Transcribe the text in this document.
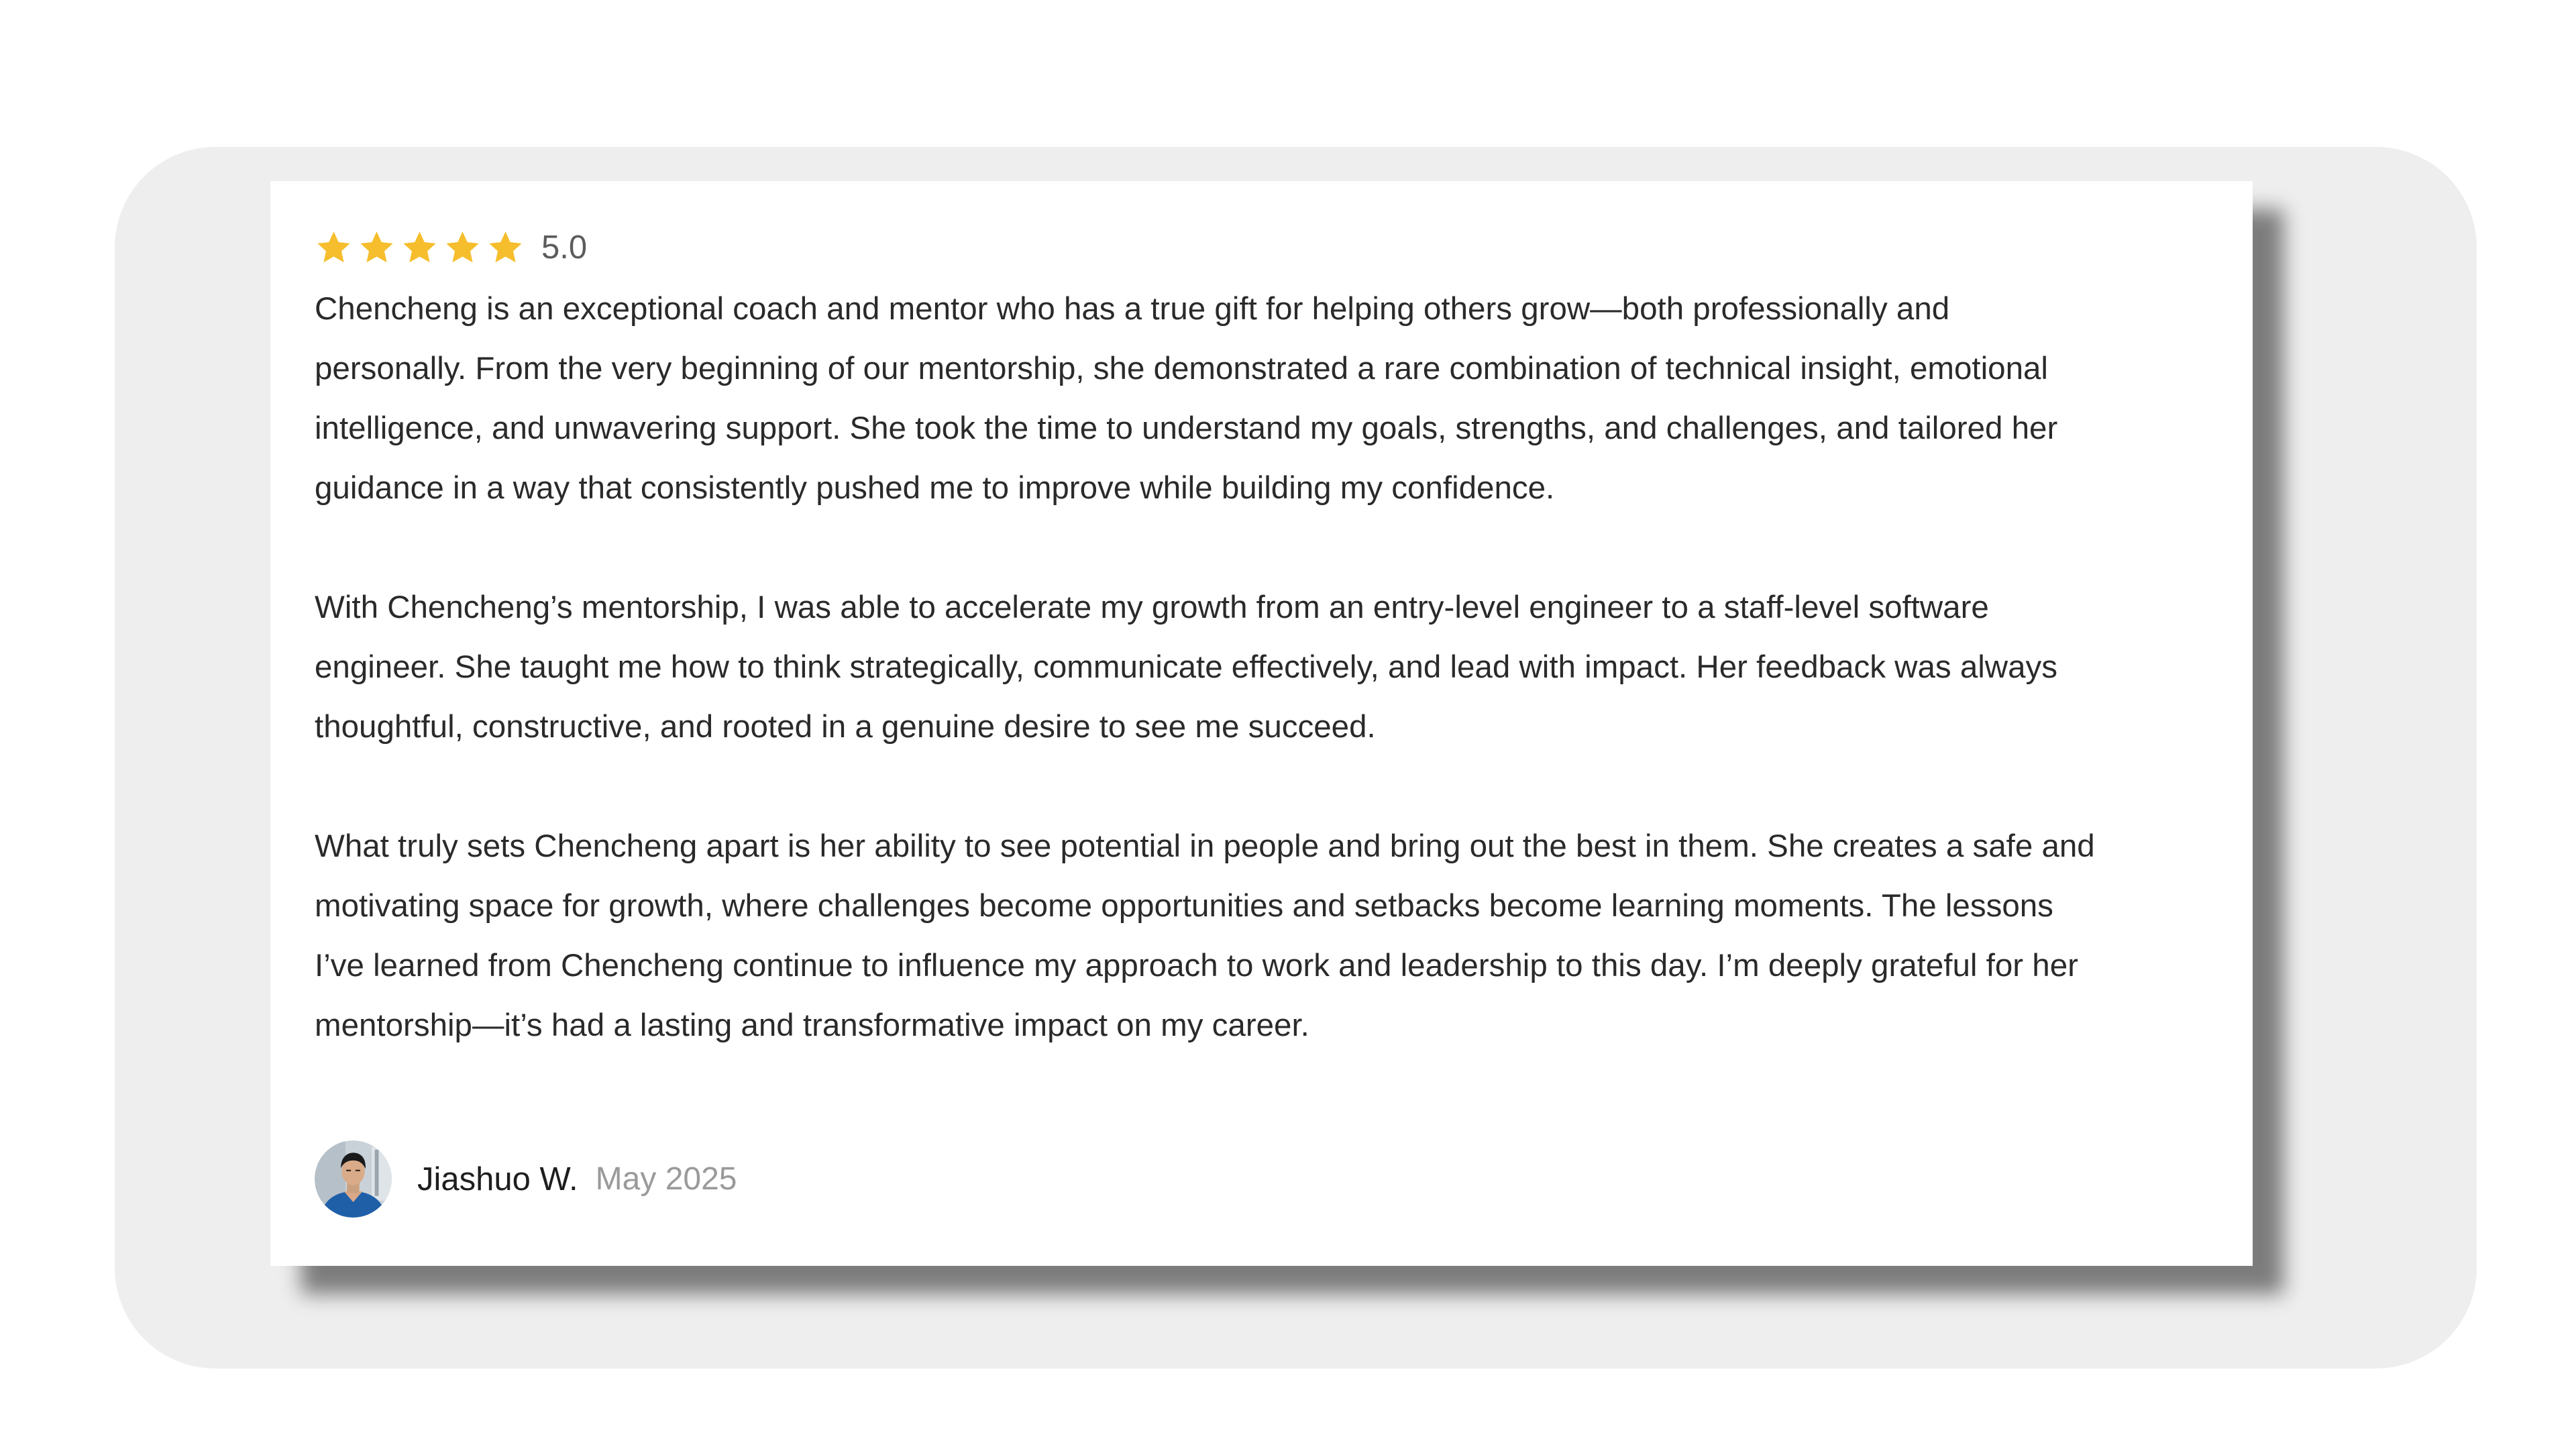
5.0

Chencheng is an exceptional coach and mentor who has a true gift for helping others grow—both professionally and
personally. From the very beginning of our mentorship, she demonstrated a rare combination of technical insight, emotional
intelligence, and unwavering support. She took the time to understand my goals, strengths, and challenges, and tailored her
guidance in a way that consistently pushed me to improve while building my confidence.

With Chencheng’s mentorship, I was able to accelerate my growth from an entry-level engineer to a staff-level software
engineer. She taught me how to think strategically, communicate effectively, and lead with impact. Her feedback was always
thoughtful, constructive, and rooted in a genuine desire to see me succeed.

What truly sets Chencheng apart is her ability to see potential in people and bring out the best in them. She creates a safe and
motivating space for growth, where challenges become opportunities and setbacks become learning moments. The lessons
I’ve learned from Chencheng continue to influence my approach to work and leadership to this day. I’m deeply grateful for her
mentorship—it’s had a lasting and transformative impact on my career.

Jiashuo W. May 2025
